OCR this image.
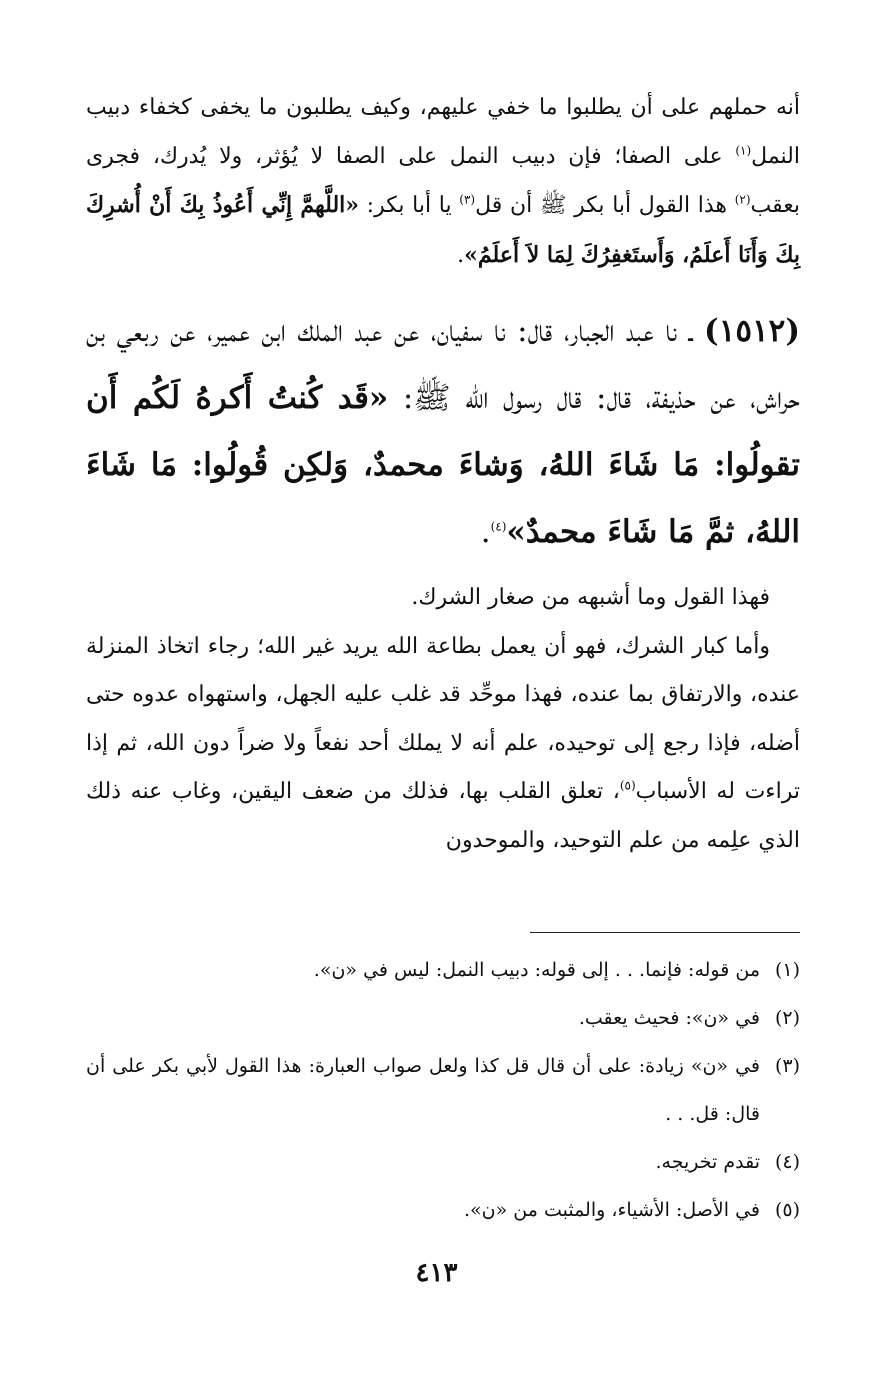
أنه حملهم على أن يطلبوا ما خفي عليهم، وكيف يطلبون ما يخفى كخفاء دبيب النمل$^{(١)}$ على الصفا؛ فإن دبيب النمل على الصفا لا يُؤثر، ولا يُدرك، فجرى بعقب$^{(٢)}$ هذا القول أبا بكر ﷺ أن قل$^{(٣)}$ يا أبا بكر: «اللَّهمَّ إِنِّي أَعُوذُ بِكَ أَنْ أُشرِكَ بِكَ وَأَنَا أَعلَمُ، وَأَستَغفِرُكَ لِمَا لاَ أَعلَمُ».

(١٥١٢) ـ نا عبد الجبار، قال: نا سفيان، عن عبد الملك ابن عمير، عن ربعي بن حراش، عن حذيفة، قال: قال رسول الله ﷺ: «قَد كُنتُ أَكرهُ لَكُم أَن تقولُوا: مَا شَاءَ اللهُ، وَشاءَ محمدٌ، وَلكِن قُولُوا: مَا شَاءَ اللهُ، ثمَّ مَا شَاءَ محمدٌ»$^{(٤)}$.

فهذا القول وما أشبهه من صغار الشرك.

وأما كبار الشرك، فهو أن يعمل بطاعة الله يريد غير الله؛ رجاء اتخاذ المنزلة عنده، والارتفاق بما عنده، فهذا موحِّد قد غلب عليه الجهل، واستهواه عدوه حتى أضله، فإذا رجع إلى توحيده، علم أنه لا يملك أحد نفعاً ولا ضراً دون الله، ثم إذا تراءت له الأسباب$^{(٥)}$، تعلق القلب بها، فذلك من ضعف اليقين، وغاب عنه ذلك الذي علِمه من علم التوحيد، والموحدون

(١)
من قوله: فإنما. . . إلى قوله: دبيب النمل: ليس في «ن».
(٢)
في «ن»: فحيث يعقب.
(٣)
في «ن» زيادة: على أن قال قل كذا ولعل صواب العبارة: هذا القول لأبي بكر على أن قال: قل. . .
(٤)
تقدم تخريجه.
(٥)
في الأصل: الأشياء، والمثبت من «ن».
٤١٣
